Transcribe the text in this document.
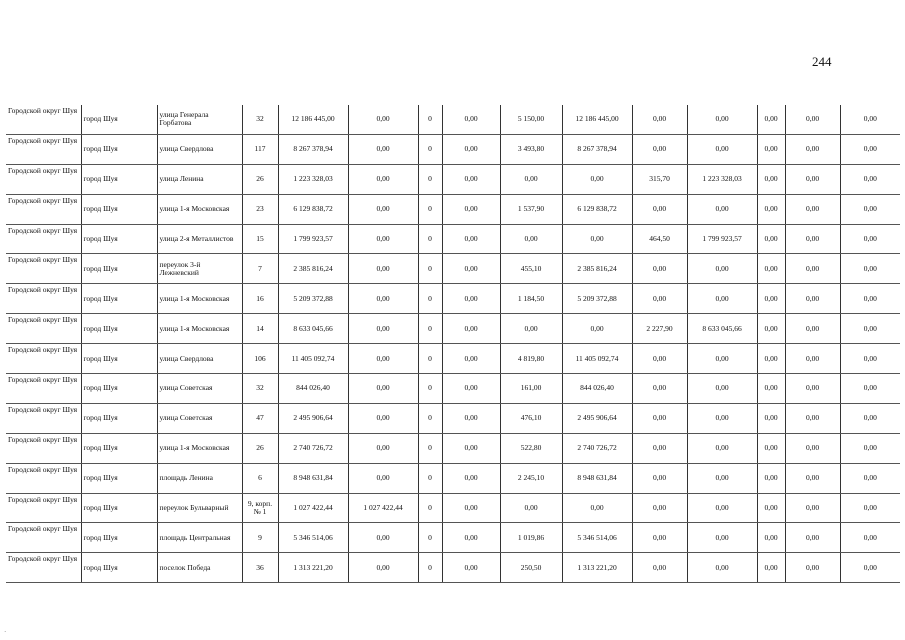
244
Городской округ Шуя	город Шуя	улица Генерала Горбатова	32	12 186 445,00	0,00	0	0,00	5 150,00	12 186 445,00	0,00	0,00	0,00	0,00	0,00
Городской округ Шуя	город Шуя	улица Свердлова	117	8 267 378,94	0,00	0	0,00	3 493,80	8 267 378,94	0,00	0,00	0,00	0,00	0,00
Городской округ Шуя	город Шуя	улица Ленина	26	1 223 328,03	0,00	0	0,00	0,00	0,00	315,70	1 223 328,03	0,00	0,00	0,00
Городской округ Шуя	город Шуя	улица 1-я Московская	23	6 129 838,72	0,00	0	0,00	1 537,90	6 129 838,72	0,00	0,00	0,00	0,00	0,00
Городской округ Шуя	город Шуя	улица 2-я Металлистов	15	1 799 923,57	0,00	0	0,00	0,00	0,00	464,50	1 799 923,57	0,00	0,00	0,00
Городской округ Шуя	город Шуя	переулок 3-й Лежневский	7	2 385 816,24	0,00	0	0,00	455,10	2 385 816,24	0,00	0,00	0,00	0,00	0,00
Городской округ Шуя	город Шуя	улица 1-я Московская	16	5 209 372,88	0,00	0	0,00	1 184,50	5 209 372,88	0,00	0,00	0,00	0,00	0,00
Городской округ Шуя	город Шуя	улица 1-я Московская	14	8 633 045,66	0,00	0	0,00	0,00	0,00	2 227,90	8 633 045,66	0,00	0,00	0,00
Городской округ Шуя	город Шуя	улица Свердлова	106	11 405 092,74	0,00	0	0,00	4 819,80	11 405 092,74	0,00	0,00	0,00	0,00	0,00
Городской округ Шуя	город Шуя	улица Советская	32	844 026,40	0,00	0	0,00	161,00	844 026,40	0,00	0,00	0,00	0,00	0,00
Городской округ Шуя	город Шуя	улица Советская	47	2 495 906,64	0,00	0	0,00	476,10	2 495 906,64	0,00	0,00	0,00	0,00	0,00
Городской округ Шуя	город Шуя	улица 1-я Московская	26	2 740 726,72	0,00	0	0,00	522,80	2 740 726,72	0,00	0,00	0,00	0,00	0,00
Городской округ Шуя	город Шуя	площадь Ленина	6	8 948 631,84	0,00	0	0,00	2 245,10	8 948 631,84	0,00	0,00	0,00	0,00	0,00
Городской округ Шуя	город Шуя	переулок Бульварный	9, корп. № 1	1 027 422,44	1 027 422,44	0	0,00	0,00	0,00	0,00	0,00	0,00	0,00	0,00
Городской округ Шуя	город Шуя	площадь Центральная	9	5 346 514,06	0,00	0	0,00	1 019,86	5 346 514,06	0,00	0,00	0,00	0,00	0,00
Городской округ Шуя	город Шуя	поселок Победа	36	1 313 221,20	0,00	0	0,00	250,50	1 313 221,20	0,00	0,00	0,00	0,00	0,00
·
